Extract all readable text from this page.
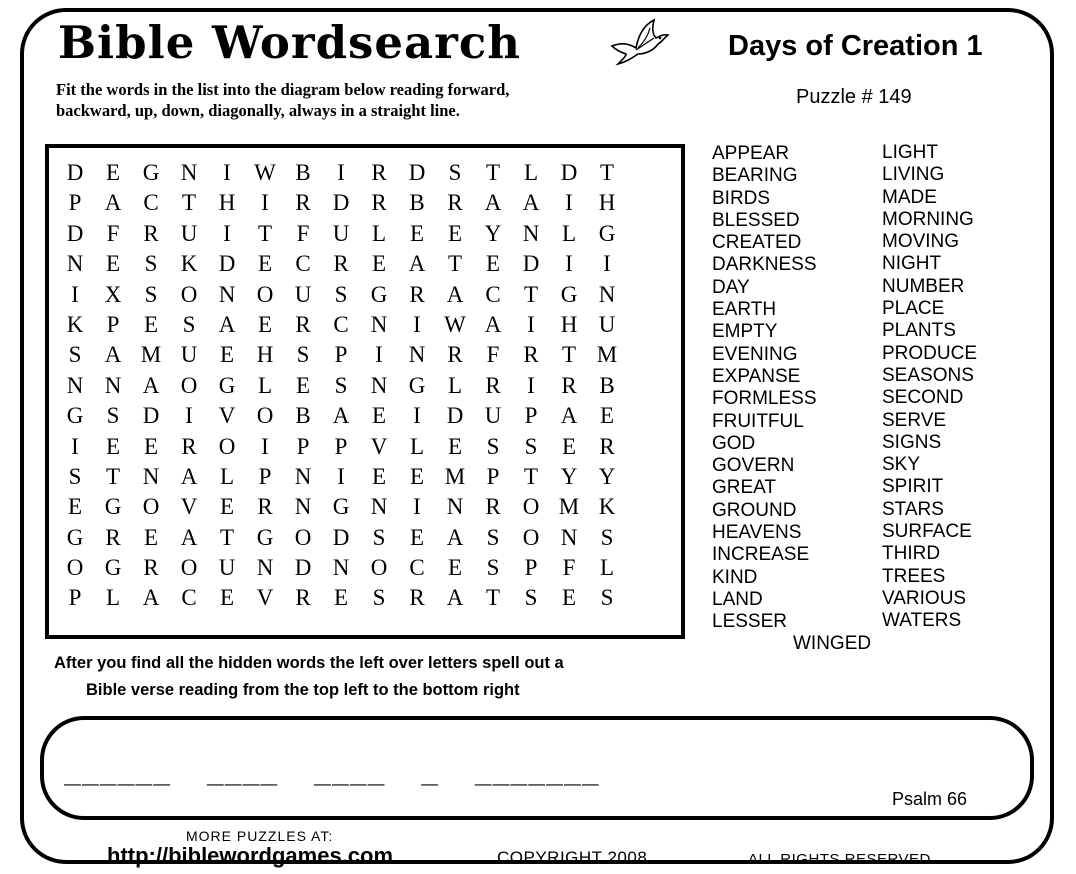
Bible Wordsearch	Days of Creation 1
Puzzle # 149
Fit the words in the list into the diagram below reading forward,
backward, up, down, diagonally, always in a straight line.
D E G N	I	W B	I	R D	S	T	L D T
P	A C	T H	I	R D R B R A A	I	H
D	F	R U	I	T	F	U L	E	E Y N L G
N E	S	K D E	C R	E A T	E D	I	I
I	X	S	O N O U	S	G R A C	T G N
K	P	E	S	A E	R C N	I	W A	I	H U
S	A M U E H	S	P	I	N R	F	R	T M
N N A O G L	E	S	N G L	R	I	R B
G	S	D	I	V O B A E	I	D U	P	A E
I	E	E	R O	I	P	P	V L	E	S	S	E	R
S	T N A L	P	N	I	E	E M P	T Y Y
E G O V E	R N G N	I	N R O M K
G R	E A T G O D	S	E A	S	O N	S
O G R O U N D N O C	E	S	P	F	L
P	L A C	E V R	E	S	R A T	S	E	S
APPEAR
BEARING
BIRDS
BLESSED
CREATED
DARKNESS
DAY
EARTH
EMPTY
EVENING
EXPANSE
FORMLESS
FRUITFUL
GOD
GOVERN
GREAT
GROUND
HEAVENS
INCREASE
KIND
LAND
LESSER
LIGHT
LIVING
MADE
MORNING
MOVING
NIGHT
NUMBER
PLACE
PLANTS
PRODUCE
SEASONS
SECOND
SERVE
SIGNS
SKY
SPIRIT
STARS
SURFACE
THIRD
TREES
VARIOUS
WATERS
WINGED
After you find all the hidden words the left over letters spell out a
Bible verse reading from the top left to the bottom right
______  ____  ____  _  _______
Psalm 66
MORE PUZZLES AT:
http://biblewordgames.com	COPYRIGHT 2008	ALL RIGHTS RESERVED
